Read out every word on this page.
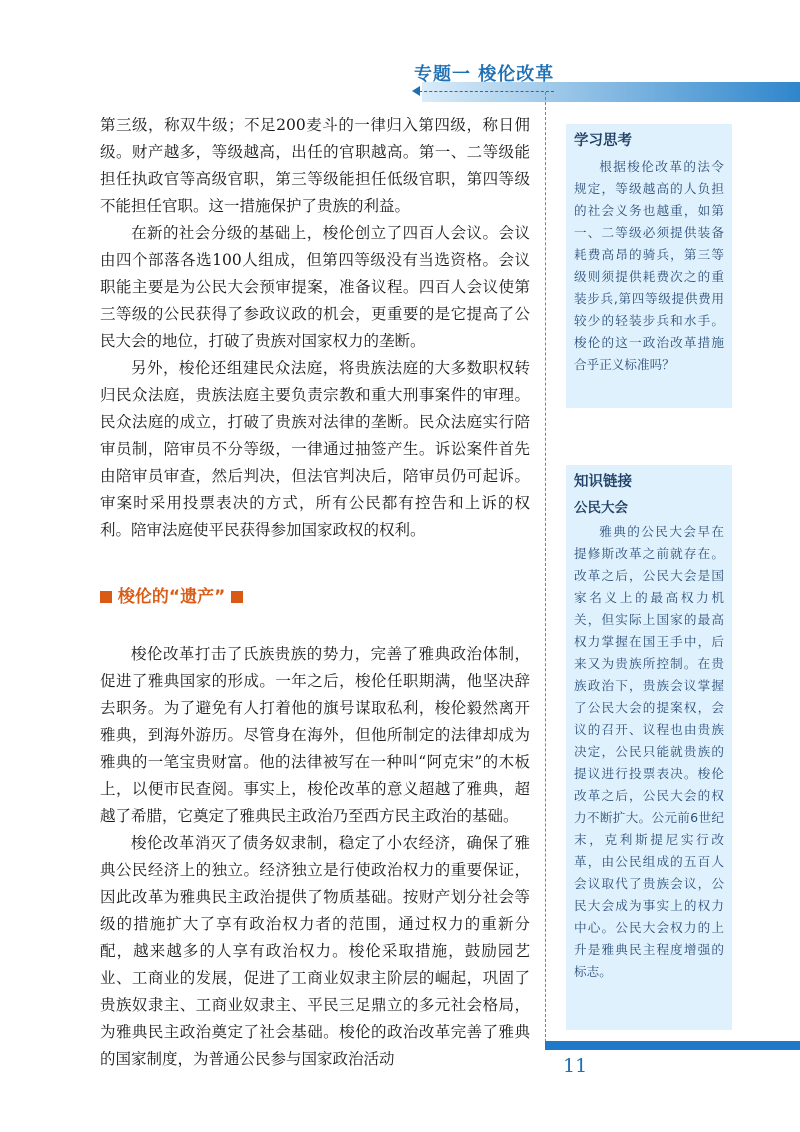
专题一 梭伦改革

第三级，称双牛级；不足200麦斗的一律归入第四级，称日佣级。财产越多，等级越高，出任的官职越高。第一、二等级能担任执政官等高级官职，第三等级能担任低级官职，第四等级不能担任官职。这一措施保护了贵族的利益。

在新的社会分级的基础上，梭伦创立了四百人会议。会议由四个部落各选100人组成，但第四等级没有当选资格。会议职能主要是为公民大会预审提案，准备议程。四百人会议使第三等级的公民获得了参政议政的机会，更重要的是它提高了公民大会的地位，打破了贵族对国家权力的垄断。

另外，梭伦还组建民众法庭，将贵族法庭的大多数职权转归民众法庭，贵族法庭主要负责宗教和重大刑事案件的审理。民众法庭的成立，打破了贵族对法律的垄断。民众法庭实行陪审员制，陪审员不分等级，一律通过抽签产生。诉讼案件首先由陪审员审查，然后判决，但法官判决后，陪审员仍可起诉。审案时采用投票表决的方式，所有公民都有控告和上诉的权利。陪审法庭使平民获得参加国家政权的权利。

梭伦的“遗产”

梭伦改革打击了氏族贵族的势力，完善了雅典政治体制，促进了雅典国家的形成。一年之后，梭伦任职期满，他坚决辞去职务。为了避免有人打着他的旗号谋取私利，梭伦毅然离开雅典，到海外游历。尽管身在海外，但他所制定的法律却成为雅典的一笔宝贵财富。他的法律被写在一种叫“阿克宋”的木板上，以便市民查阅。事实上，梭伦改革的意义超越了雅典，超越了希腊，它奠定了雅典民主政治乃至西方民主政治的基础。

梭伦改革消灭了债务奴隶制，稳定了小农经济，确保了雅典公民经济上的独立。经济独立是行使政治权力的重要保证，因此改革为雅典民主政治提供了物质基础。按财产划分社会等级的措施扩大了享有政治权力者的范围，通过权力的重新分配，越来越多的人享有政治权力。梭伦采取措施，鼓励园艺业、工商业的发展，促进了工商业奴隶主阶层的崛起，巩固了贵族奴隶主、工商业奴隶主、平民三足鼎立的多元社会格局，为雅典民主政治奠定了社会基础。梭伦的政治改革完善了雅典的国家制度，为普通公民参与国家政治活动

学习思考

根据梭伦改革的法令规定，等级越高的人负担的社会义务也越重，如第一、二等级必须提供装备耗费高昂的骑兵，第三等级则须提供耗费次之的重装步兵,第四等级提供费用较少的轻装步兵和水手。梭伦的这一政治改革措施合乎正义标准吗？

知识链接
公民大会

雅典的公民大会早在提修斯改革之前就存在。改革之后，公民大会是国家名义上的最高权力机关，但实际上国家的最高权力掌握在国王手中，后来又为贵族所控制。在贵族政治下，贵族会议掌握了公民大会的提案权，会议的召开、议程也由贵族决定，公民只能就贵族的提议进行投票表决。梭伦改革之后，公民大会的权力不断扩大。公元前6世纪末，克利斯提尼实行改革，由公民组成的五百人会议取代了贵族会议，公民大会成为事实上的权力中心。公民大会权力的上升是雅典民主程度增强的标志。

11
